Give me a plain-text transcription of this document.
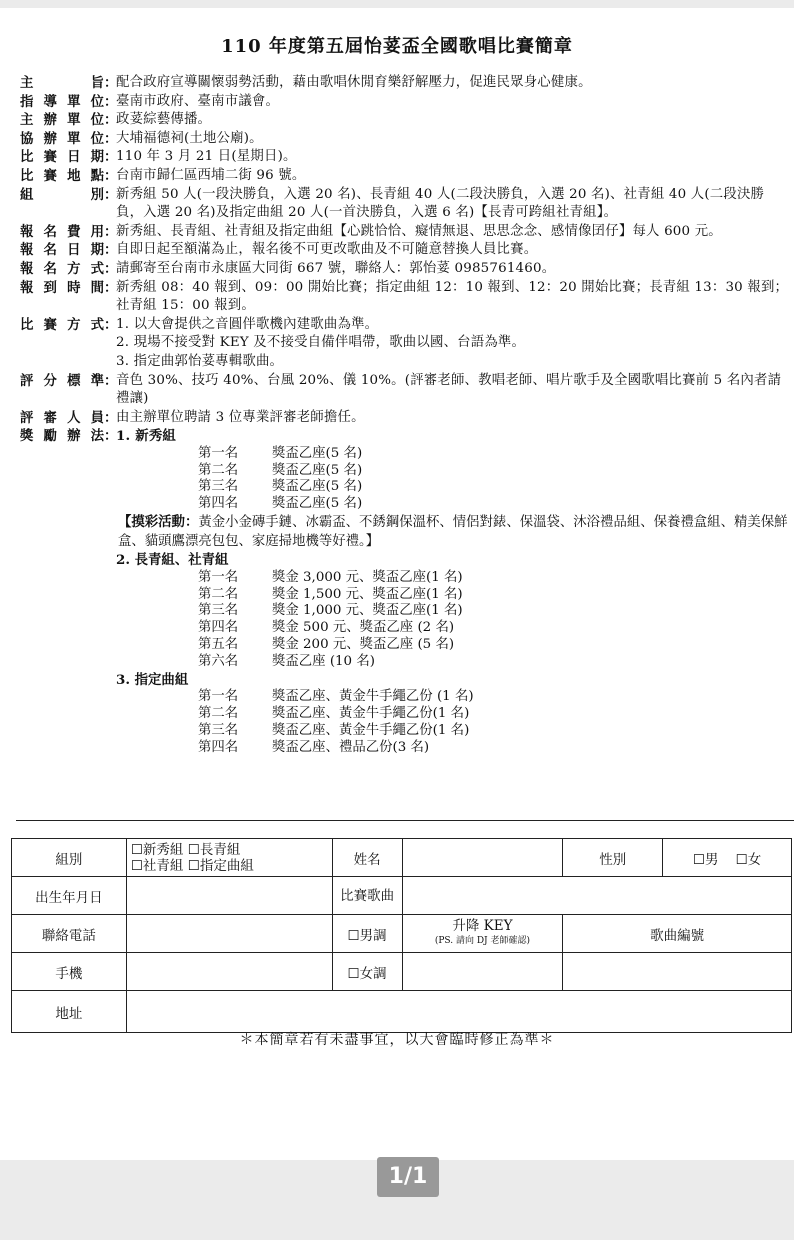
110 年度第五屆怡荽盃全國歌唱比賽簡章
主旨 ：
配合政府宣導關懷弱勢活動，藉由歌唱休閒育樂舒解壓力，促進民眾身心健康。
指導單位 ：
臺南市政府、臺南市議會。
主辦單位 ：
政荽綜藝傳播。
協辦單位 ：
大埔福德祠(土地公廟)。
比賽日期 ：
110 年 3 月 21 日(星期日)。
比賽地點 ：
台南市歸仁區西埔二街 96 號。
組別 ：
新秀組 50 人(一段決勝負，入選 20 名)、長青組 40 人(二段決勝負，入選 20 名)、社青組 40 人(二段決勝負，入選 20 名)及指定曲組 20 人(一首決勝負，入選 6 名)【長青可跨組社青組】。
報名費用 ：
新秀組、長青組、社青組及指定曲組【心跳恰恰、癡情無退、思思念念、感情像囝仔】每人 600 元。
報名日期 ：
自即日起至額滿為止，報名後不可更改歌曲及不可隨意替換人員比賽。
報名方式 ：
請郵寄至台南市永康區大同街 667 號，聯絡人：郭怡荽 0985761460。
報到時間 ：
新秀組 08：40 報到、09：00 開始比賽；指定曲組 12：10 報到、12：20 開始比賽；長青組 13：30 報到；社青組 15：00 報到。
比賽方式 ：
1. 以大會提供之音圓伴歌機內建歌曲為準。
2. 現場不接受對 KEY 及不接受自備伴唱帶，歌曲以國、台語為準。
3. 指定曲郭怡荽專輯歌曲。
評分標準 ：
音色 30%、技巧 40%、台風 20%、儀 10%。(評審老師、教唱老師、唱片歌手及全國歌唱比賽前 5 名內者請禮讓)
評審人員 ：
由主辦單位聘請 3 位專業評審老師擔任。
獎勵辦法 ：
1. 新秀組
第一名	獎盃乙座(5 名)
第二名	獎盃乙座(5 名)
第三名	獎盃乙座(5 名)
第四名	獎盃乙座(5 名)
【摸彩活動：黃金小金磚手鏈、冰霸盃、不銹鋼保溫杯、情侶對錶、保溫袋、沐浴禮品組、保養禮盒組、精美保鮮盒、貓頭鷹漂亮包包、家庭掃地機等好禮。】
2. 長青組、社青組
第一名	獎金 3,000 元、獎盃乙座(1 名)
第二名	獎金 1,500 元、獎盃乙座(1 名)
第三名	獎金 1,000 元、獎盃乙座(1 名)
第四名	獎金 500 元、獎盃乙座 (2 名)
第五名	獎金 200 元、獎盃乙座 (5 名)
第六名	獎盃乙座 (10 名)
3. 指定曲組
第一名	獎盃乙座、黃金牛手繩乙份 (1 名)
第二名	獎盃乙座、黃金牛手繩乙份(1 名)
第三名	獎盃乙座、黃金牛手繩乙份(1 名)
第四名	獎盃乙座、禮品乙份(3 名)
組別	☐新秀組 ☐長青組
☐社青組 ☐指定曲組	姓名		性別	☐男 ☐女
出生年月日		比賽歌曲			
聯絡電話		☐男調	升降 KEY
(PS. 請向 DJ 老師確認)	歌曲編號	
手機		☐女調			
地址					
＊本簡章若有未盡事宜，以大會臨時修正為準＊
1/1
